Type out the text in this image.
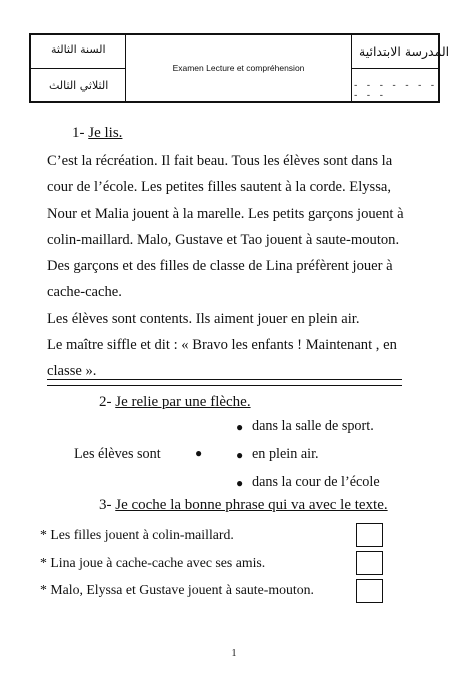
السنة الثالثة
الثلاثي الثالث
Examen Lecture et compréhension
المدرسة الابتدائية
- - - - - - - - - -
1- Je lis.
C’est la récréation. Il fait beau. Tous les élèves sont dans la
cour de l’école. Les petites filles sautent à la corde. Elyssa,
Nour et Malia jouent à la marelle. Les petits garçons jouent à
colin-maillard. Malo, Gustave et Tao jouent à saute-mouton.
Des garçons et des filles de classe de Lina préfèrent jouer à
cache-cache.
Les élèves sont contents. Ils aiment jouer en plein air.
Le maître siffle et dit : « Bravo les enfants ! Maintenant , en
classe ».
2- Je relie par une flèche.
Les élèves sont	●
● dans la salle de sport.
● en plein air.
● dans la cour de l’école
3- Je coche la bonne phrase qui va avec le texte.
* Les filles jouent à colin-maillard.
* Lina joue à cache-cache avec ses amis.
* Malo, Elyssa et Gustave jouent à saute-mouton.
1
